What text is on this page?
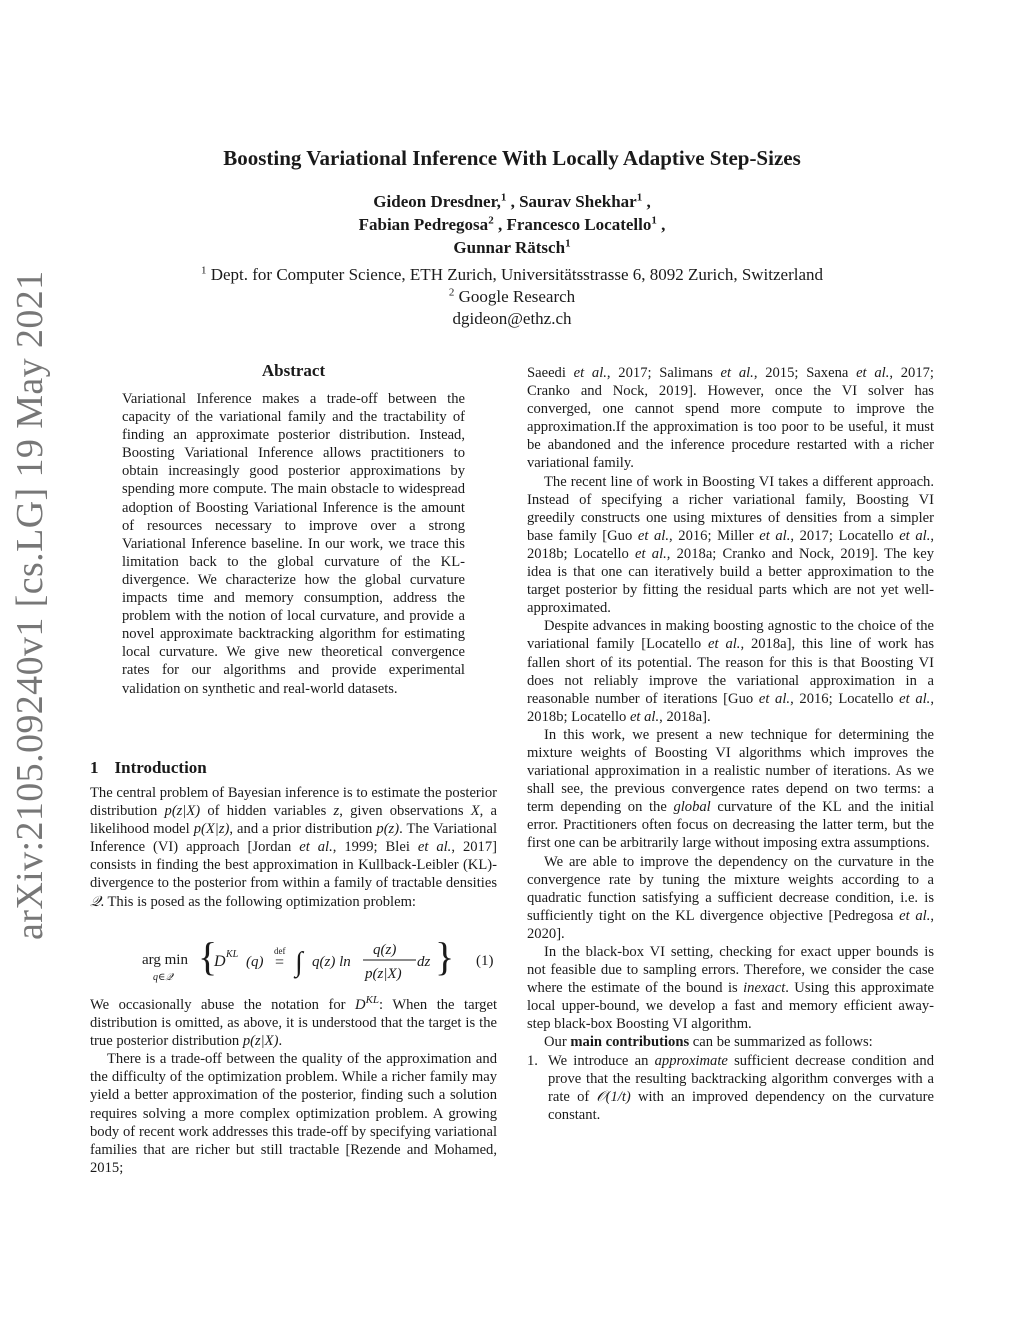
Boosting Variational Inference With Locally Adaptive Step-Sizes
Gideon Dresdner,$^1$ , Saurav Shekhar$^1$ ,
Fabian Pedregosa$^2$ , Francesco Locatello$^1$ ,
Gunnar Rätsch$^1$
$^1$ Dept. for Computer Science, ETH Zurich, Universitätsstrasse 6, 8092 Zurich, Switzerland
$^2$ Google Research
dgideon@ethz.ch
arXiv:2105.09240v1 [cs.LG] 19 May 2021	Abstract
Variational Inference makes a trade-off between the capacity of the variational family and the tractability of finding an approximate posterior distribution. Instead, Boosting Variational Inference allows practitioners to obtain increasingly good posterior approximations by spending more compute. The main obstacle to widespread adoption of Boosting Variational Inference is the amount of resources necessary to improve over a strong Variational Inference baseline. In our work, we trace this limitation back to the global curvature of the KL-divergence. We characterize how the global curvature impacts time and memory consumption, address the problem with the notion of local curvature, and provide a novel approximate backtracking algorithm for estimating local curvature. We give new theoretical convergence rates for our algorithms and provide experimental validation on synthetic and real-world datasets.
1 Introduction

The central problem of Bayesian inference is to estimate the posterior distribution p(z|X) of hidden variables z, given observations X, a likelihood model p(X|z), and a prior distribution p(z). The Variational Inference (VI) approach [Jordan et al., 1999; Blei et al., 2017] consists in finding the best approximation in Kullback-Leibler (KL)-divergence to the posterior from within a family of tractable densities 𝒬. This is posed as the following optimization problem:

arg min
q∈𝒬 {
D KL (q)
def
= ∫ q(z) ln
q(z)
p(z|X)
dz } (1)

We occasionally abuse the notation for $D^{KL}$: When the target distribution is omitted, as above, it is understood that the target is the true posterior distribution p(z|X).

There is a trade-off between the quality of the approximation and the difficulty of the optimization problem. While a richer family may yield a better approximation of the posterior, finding such a solution requires solving a more complex optimization problem. A growing body of recent work addresses this trade-off by specifying variational families that are richer but still tractable [Rezende and Mohamed, 2015;

Saeedi et al., 2017; Salimans et al., 2015; Saxena et al., 2017; Cranko and Nock, 2019]. However, once the VI solver has converged, one cannot spend more compute to improve the approximation.If the approximation is too poor to be useful, it must be abandoned and the inference procedure restarted with a richer variational family.

The recent line of work in Boosting VI takes a different approach. Instead of specifying a richer variational family, Boosting VI greedily constructs one using mixtures of densities from a simpler base family [Guo et al., 2016; Miller et al., 2017; Locatello et al., 2018b; Locatello et al., 2018a; Cranko and Nock, 2019]. The key idea is that one can iteratively build a better approximation to the target posterior by fitting the residual parts which are not yet well-approximated.

Despite advances in making boosting agnostic to the choice of the variational family [Locatello et al., 2018a], this line of work has fallen short of its potential. The reason for this is that Boosting VI does not reliably improve the variational approximation in a reasonable number of iterations [Guo et al., 2016; Locatello et al., 2018b; Locatello et al., 2018a].

In this work, we present a new technique for determining the mixture weights of Boosting VI algorithms which improves the variational approximation in a realistic number of iterations. As we shall see, the previous convergence rates depend on two terms: a term depending on the global curvature of the KL and the initial error. Practitioners often focus on decreasing the latter term, but the first one can be arbitrarily large without imposing extra assumptions.

We are able to improve the dependency on the curvature in the convergence rate by tuning the mixture weights according to a quadratic function satisfying a sufficient decrease condition, i.e. is sufficiently tight on the KL divergence objective [Pedregosa et al., 2020].

In the black-box VI setting, checking for exact upper bounds is not feasible due to sampling errors. Therefore, we consider the case where the estimate of the bound is inexact. Using this approximate local upper-bound, we develop a fast and memory efficient away-step black-box Boosting VI algorithm.

Our main contributions can be summarized as follows:

1. We introduce an approximate sufficient decrease condition and prove that the resulting backtracking algorithm converges with a rate of 𝒪(1/t) with an improved dependency on the curvature constant.
